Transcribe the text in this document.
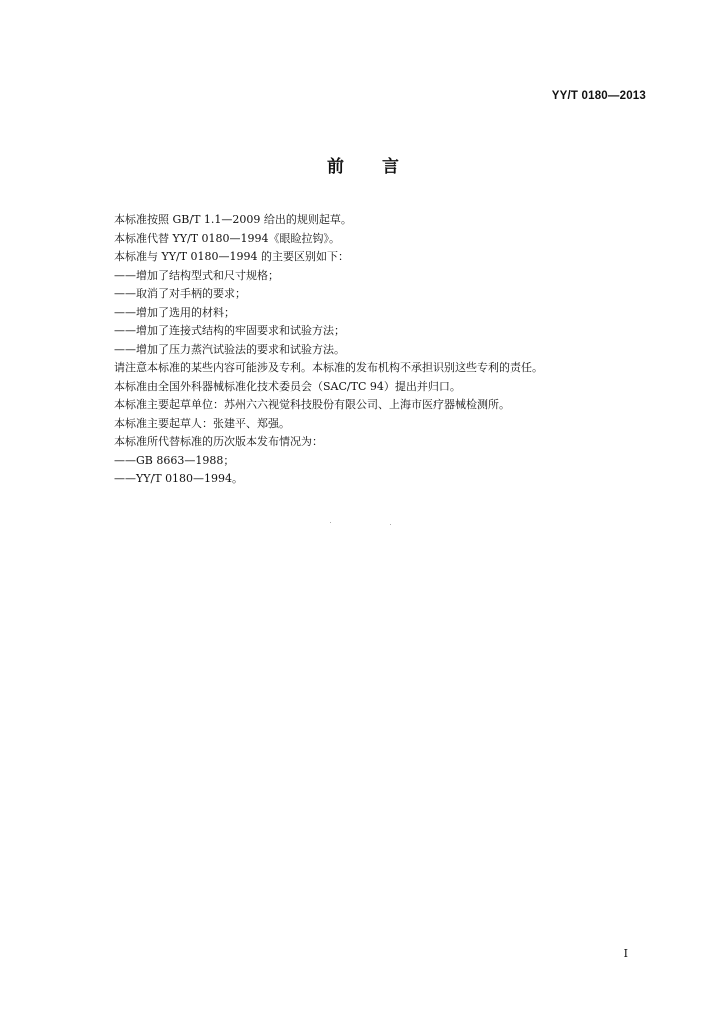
YY/T 0180—2013
前言
本标准按照 GB/T 1.1—2009 给出的规则起草。
本标准代替 YY/T 0180—1994《眼睑拉钩》。
本标准与 YY/T 0180—1994 的主要区别如下：
——增加了结构型式和尺寸规格；
——取消了对手柄的要求；
——增加了选用的材料；
——增加了连接式结构的牢固要求和试验方法；
——增加了压力蒸汽试验法的要求和试验方法。
请注意本标准的某些内容可能涉及专利。本标准的发布机构不承担识别这些专利的责任。
本标准由全国外科器械标准化技术委员会（SAC/TC 94）提出并归口。
本标准主要起草单位：苏州六六视觉科技股份有限公司、上海市医疗器械检测所。
本标准主要起草人：张建平、郑强。
本标准所代替标准的历次版本发布情况为：
——GB 8663—1988；
——YY/T 0180—1994。
I
